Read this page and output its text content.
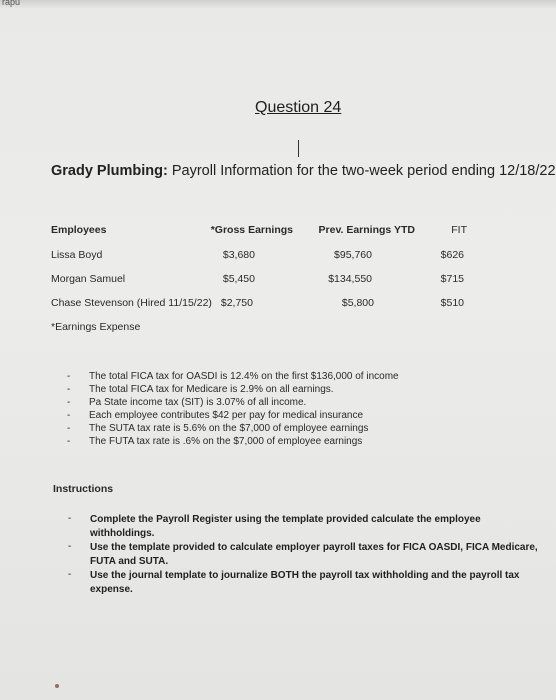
rapu
Question 24
Grady Plumbing: Payroll Information for the two-week period ending 12/18/22
Employees	*Gross Earnings	Prev. Earnings YTD	FIT
Lissa Boyd	$3,680	$95,760	$626
Morgan Samuel	$5,450	$134,550	$715
Chase Stevenson (Hired 11/15/22) $2,750	$5,800	$510
*Earnings Expense
- The total FICA tax for OASDI is 12.4% on the first $136,000 of income
- The total FICA tax for Medicare is 2.9% on all earnings.
- Pa State income tax (SIT) is 3.07% of all income.
- Each employee contributes $42 per pay for medical insurance
- The SUTA tax rate is 5.6% on the $7,000 of employee earnings
- The FUTA tax rate is .6% on the $7,000 of employee earnings
Instructions
- Complete the Payroll Register using the template provided calculate the employee withholdings.
- Use the template provided to calculate employer payroll taxes for FICA OASDI, FICA Medicare, FUTA and SUTA.
- Use the journal template to journalize BOTH the payroll tax withholding and the payroll tax expense.
